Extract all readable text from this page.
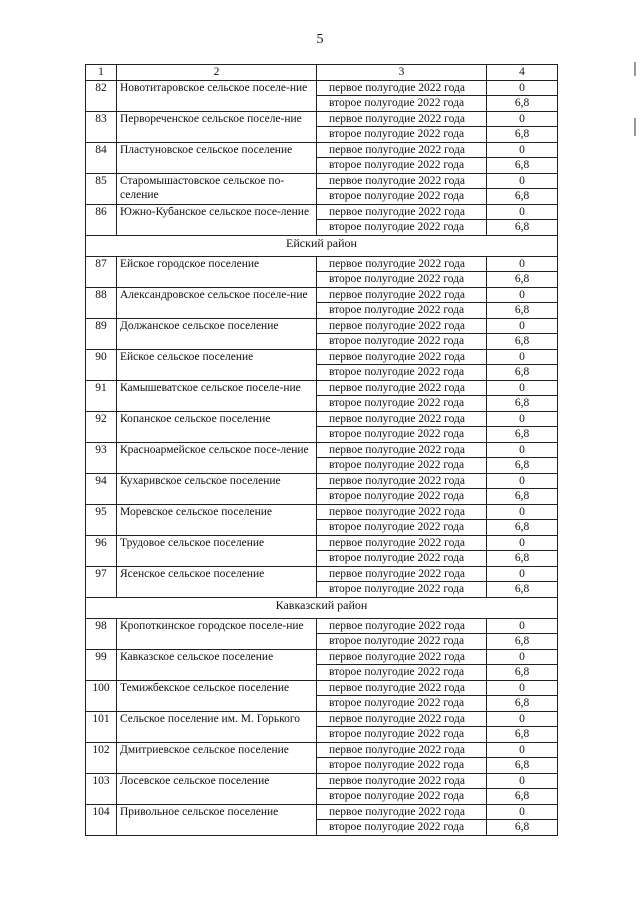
5
1	2	3	4
82	Новотитаровское сельское поселе-ние	первое полугодие 2022 года	0
		второе полугодие 2022 года	6,8
83	Первореченское сельское поселе-ние	первое полугодие 2022 года	0
		второе полугодие 2022 года	6,8
84	Пластуновское сельское поселение	первое полугодие 2022 года	0
		второе полугодие 2022 года	6,8
85	Старомышастовское сельское по-селение	первое полугодие 2022 года	0
		второе полугодие 2022 года	6,8
86	Южно-Кубанское сельское посе-ление	первое полугодие 2022 года	0
		второе полугодие 2022 года	6,8
Ейский район			
87	Ейское городское поселение	первое полугодие 2022 года	0
		второе полугодие 2022 года	6,8
88	Александровское сельское поселе-ние	первое полугодие 2022 года	0
		второе полугодие 2022 года	6,8
89	Должанское сельское поселение	первое полугодие 2022 года	0
		второе полугодие 2022 года	6,8
90	Ейское сельское поселение	первое полугодие 2022 года	0
		второе полугодие 2022 года	6,8
91	Камышеватское сельское поселе-ние	первое полугодие 2022 года	0
		второе полугодие 2022 года	6,8
92	Копанское сельское поселение	первое полугодие 2022 года	0
		второе полугодие 2022 года	6,8
93	Красноармейское сельское посе-ление	первое полугодие 2022 года	0
		второе полугодие 2022 года	6,8
94	Кухаривское сельское поселение	первое полугодие 2022 года	0
		второе полугодие 2022 года	6,8
95	Моревское сельское поселение	первое полугодие 2022 года	0
		второе полугодие 2022 года	6,8
96	Трудовое сельское поселение	первое полугодие 2022 года	0
		второе полугодие 2022 года	6,8
97	Ясенское сельское поселение	первое полугодие 2022 года	0
		второе полугодие 2022 года	6,8
Кавказский район			
98	Кропоткинское городское поселе-ние	первое полугодие 2022 года	0
		второе полугодие 2022 года	6,8
99	Кавказское сельское поселение	первое полугодие 2022 года	0
		второе полугодие 2022 года	6,8
100	Темижбекское сельское поселение	первое полугодие 2022 года	0
		второе полугодие 2022 года	6,8
101	Сельское поселение им. М. Горького	первое полугодие 2022 года	0
		второе полугодие 2022 года	6,8
102	Дмитриевское сельское поселение	первое полугодие 2022 года	0
		второе полугодие 2022 года	6,8
103	Лосевское сельское поселение	первое полугодие 2022 года	0
		второе полугодие 2022 года	6,8
104	Привольное сельское поселение	первое полугодие 2022 года	0
		второе полугодие 2022 года	6,8
